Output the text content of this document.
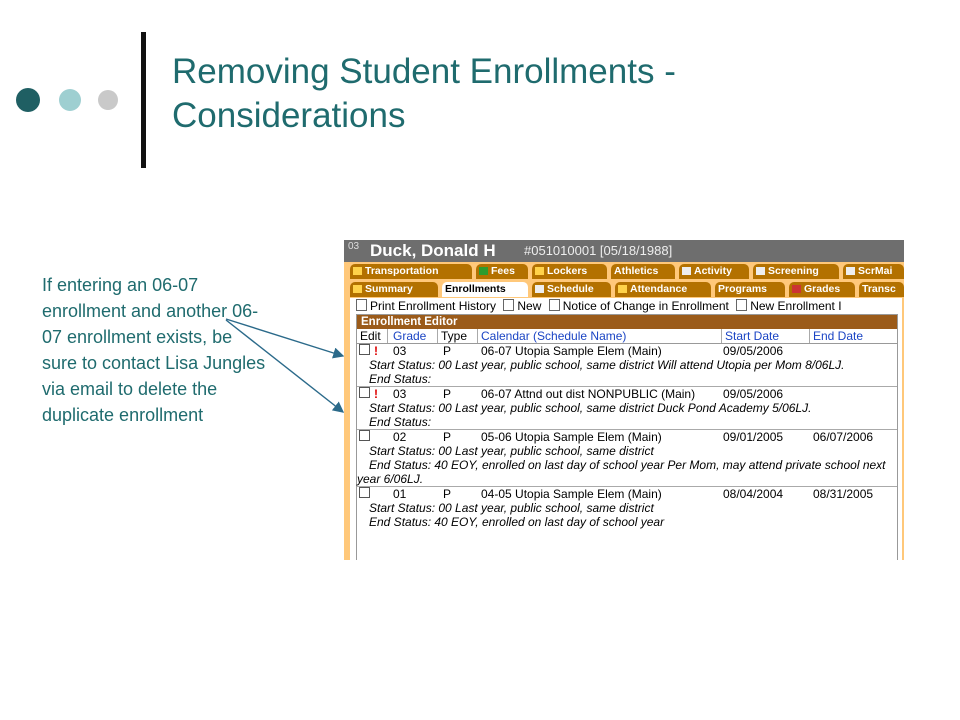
Removing Student Enrollments -
Considerations
If entering an 06-07 enrollment and another 06-07 enrollment exists, be sure to contact Lisa Jungles via email to delete the duplicate enrollment
03 Duck, Donald H #051010001 [05/18/1988]
Transportation	Fees	Lockers	Athletics	Activity	Screening	ScrMai
Summary	Enrollments	Schedule	Attendance	Programs	Grades	Transc
Print Enrollment History New Notice of Change in Enrollment New Enrollment I
Enrollment Editor
Edit Grade Type Calendar (Schedule Name)	Start Date	End Date
! 03	P 06-07 Utopia Sample Elem (Main)	09/05/2006
Start Status: 00 Last year, public school, same district Will attend Utopia per Mom 8/06LJ.
End Status:
! 03	P 06-07 Attnd out dist NONPUBLIC (Main) 09/05/2006
Start Status: 00 Last year, public school, same district Duck Pond Academy 5/06LJ.
End Status:
02	P 05-06 Utopia Sample Elem (Main)	09/01/2005 06/07/2006
Start Status: 00 Last year, public school, same district
End Status: 40 EOY, enrolled on last day of school year Per Mom, may attend private school next year 6/06LJ.
01	P 04-05 Utopia Sample Elem (Main)	08/04/2004 08/31/2005
Start Status: 00 Last year, public school, same district
End Status: 40 EOY, enrolled on last day of school year
